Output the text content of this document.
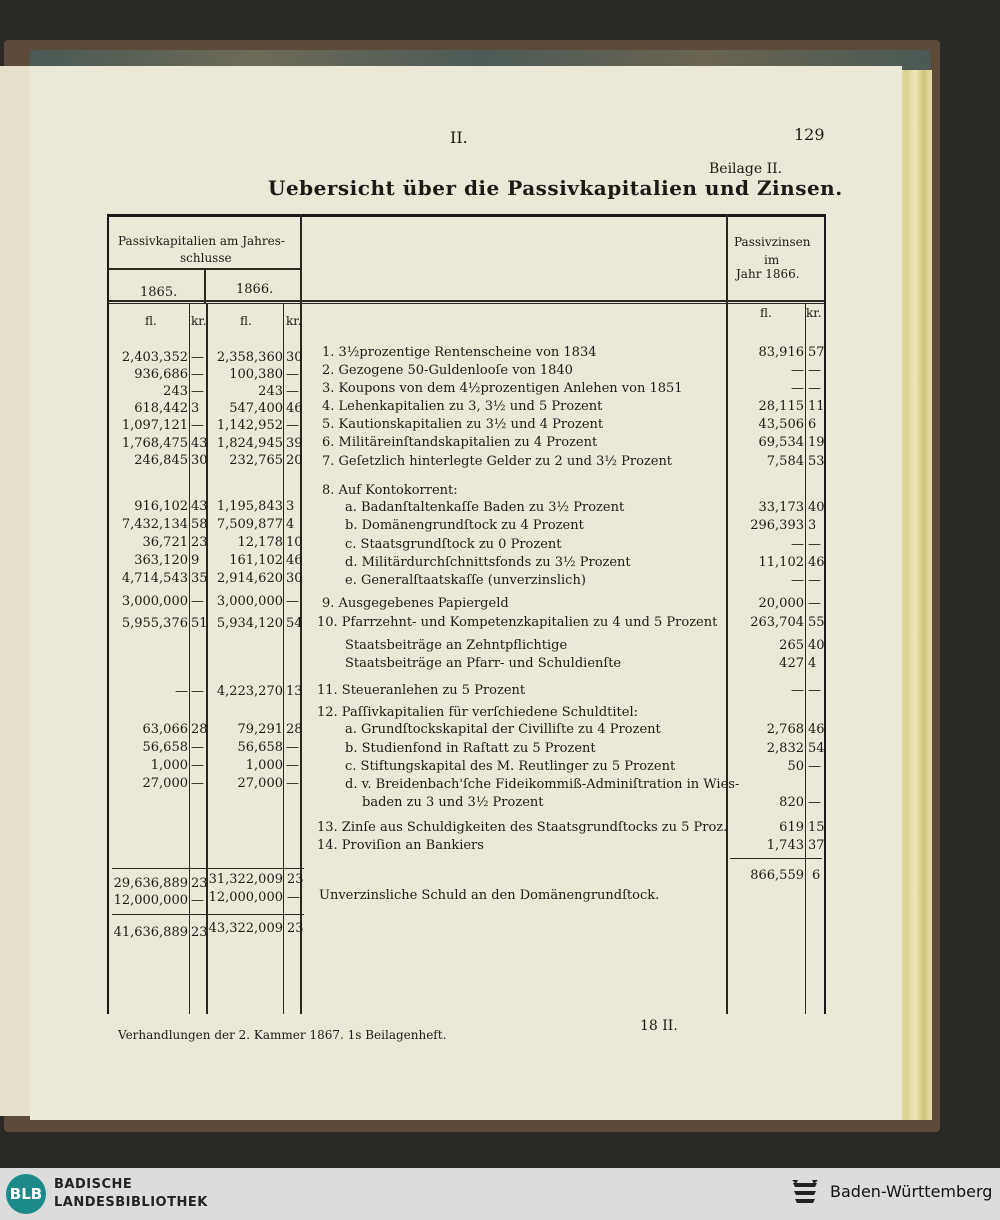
II.	129
Beilage II.
Uebersicht über die Passivkapitalien und Zinsen.
Passivkapitalien am Jahres-
schlusse
1865.	1866.
Passivzinsen
im
Jahr 1866.
fl.	kr.	fl.	kr.
fl.	kr.
2,403,352 — 2,358,360 30 1. 3½prozentige Rentenscheine von 1834	83,916 57
936,686 —	100,380 — 2. Gezogene 50-Guldenlooſe von 1840	— —
243 —	243 — 3. Koupons von dem 4½prozentigen Anlehen von 1851	— —
618,442 3	547,400 46 4. Lehenkapitalien zu 3, 3½ und 5 Prozent	28,115 11
1,097,121 — 1,142,952 — 5. Kautionskapitalien zu 3½ und 4 Prozent	43,506 6
1,768,475 43 1,824,945 39 6. Militäreinſtandskapitalien zu 4 Prozent	69,534 19
246,845 30	232,765 20 7. Geſetzlich hinterlegte Gelder zu 2 und 3½ Prozent	7,584 53
8. Auf Kontokorrent:
916,102 43 1,195,843 3	a. Badanſtaltenkaſſe Baden zu 3½ Prozent	33,173 40
7,432,134 58 7,509,877 4	b. Domänengrundſtock zu 4 Prozent	296,393 3
36,721 23	12,178 10	c. Staatsgrundſtock zu 0 Prozent	— —
363,120 9	161,102 46	d. Militärdurchſchnittsfonds zu 3½ Prozent	11,102 46
4,714,543 35 2,914,620 30	e. Generalſtaatskaſſe (unverzinslich)	— —
3,000,000 — 3,000,000 — 9. Ausgegebenes Papiergeld	20,000 —
5,955,376 51 5,934,120 54 10. Pfarrzehnt- und Kompetenzkapitalien zu 4 und 5 Prozent	263,704 55
Staatsbeiträge an Zehntpflichtige	265 40
Staatsbeiträge an Pfarr- und Schuldienſte	427 4
— — 4,223,270 13 11. Steueranlehen zu 5 Prozent	— —
12. Paſſivkapitalien für verſchiedene Schuldtitel:
63,066 28	79,291 28	a. Grundſtockskapital der Civilliſte zu 4 Prozent	2,768 46
56,658 —	56,658 —	b. Studienfond in Raſtatt zu 5 Prozent	2,832 54
1,000 —	1,000 —	c. Stiftungskapital des M. Reutlinger zu 5 Prozent	50 —
27,000 —	27,000 —	d. v. Breidenbach'ſche Fideikommiß-Adminiſtration in Wies-
baden zu 3 und 3½ Prozent	820 —
13. Zinſe aus Schuldigkeiten des Staatsgrundſtocks zu 5 Proz.	619 15
14. Proviſion an Bankiers	1,743 37
29,636,889 23 31,322,009 23	866,559 6
12,000,000 — 12,000,000 — Unverzinsliche Schuld an den Domänengrundſtock.
41,636,889 23 43,322,009 23
Verhandlungen der 2. Kammer 1867. 1s Beilagenheft.
18 II.
BLB
BADISCHE
LANDESBIBLIOTHEK
Baden-Württemberg
